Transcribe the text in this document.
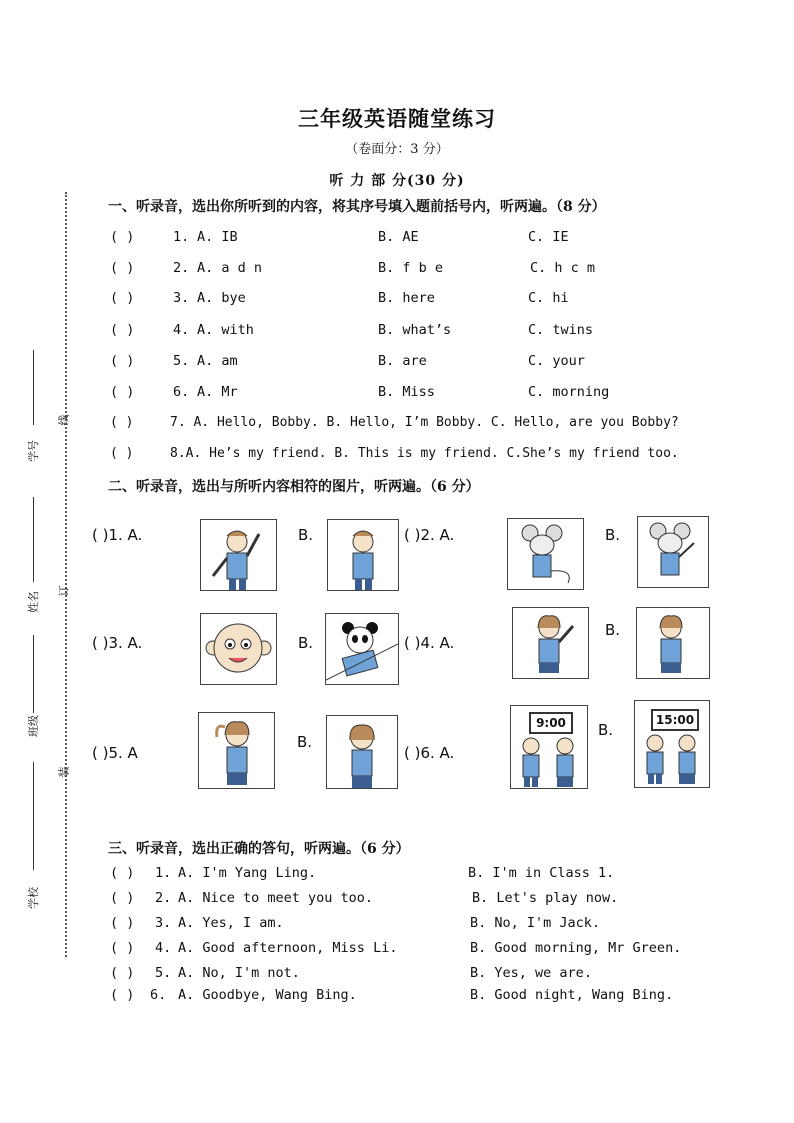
三年级英语随堂练习
（卷面分：3 分）
听 力 部 分(30 分)
线
订
装
学号
姓名
班级
学校
一、听录音，选出你所听到的内容，将其序号填入题前括号内，听两遍。（8 分）
( )	1. A. IB	B. AE	C. IE
( )	2. A. a d n	B. f b e	C. h c m
( )	3. A. bye	B. here	C. hi
( )	4. A. with	B. what’s	C. twins
( )	5. A. am	B. are	C. your
( )	6. A. Mr	B. Miss	C. morning
( )	7. A. Hello, Bobby. B. Hello, I’m Bobby. C. Hello, are you Bobby?
( )	8.A. He’s my friend. B. This is my friend. C.She’s my friend too.
二、听录音，选出与所听内容相符的图片，听两遍。（6 分）
( )1. A.	B.	( )2. A.	B.
( )3. A.	B.	( )4. A.
B.
( )5. A
B.
( )6. A.
9:00	B.
15:00
三、听录音，选出正确的答句，听两遍。（6 分）
( ) 1. A. I'm Yang Ling.	B. I'm in Class 1.
( ) 2. A. Nice to meet you too.	B. Let's play now.
( ) 3. A. Yes, I am.	B. No, I'm Jack.
( ) 4. A. Good afternoon, Miss Li.	B. Good morning, Mr Green.
( ) 5. A. No, I'm not.	B. Yes, we are.
( ) 6. A. Goodbye, Wang Bing.	B. Good night, Wang Bing.
